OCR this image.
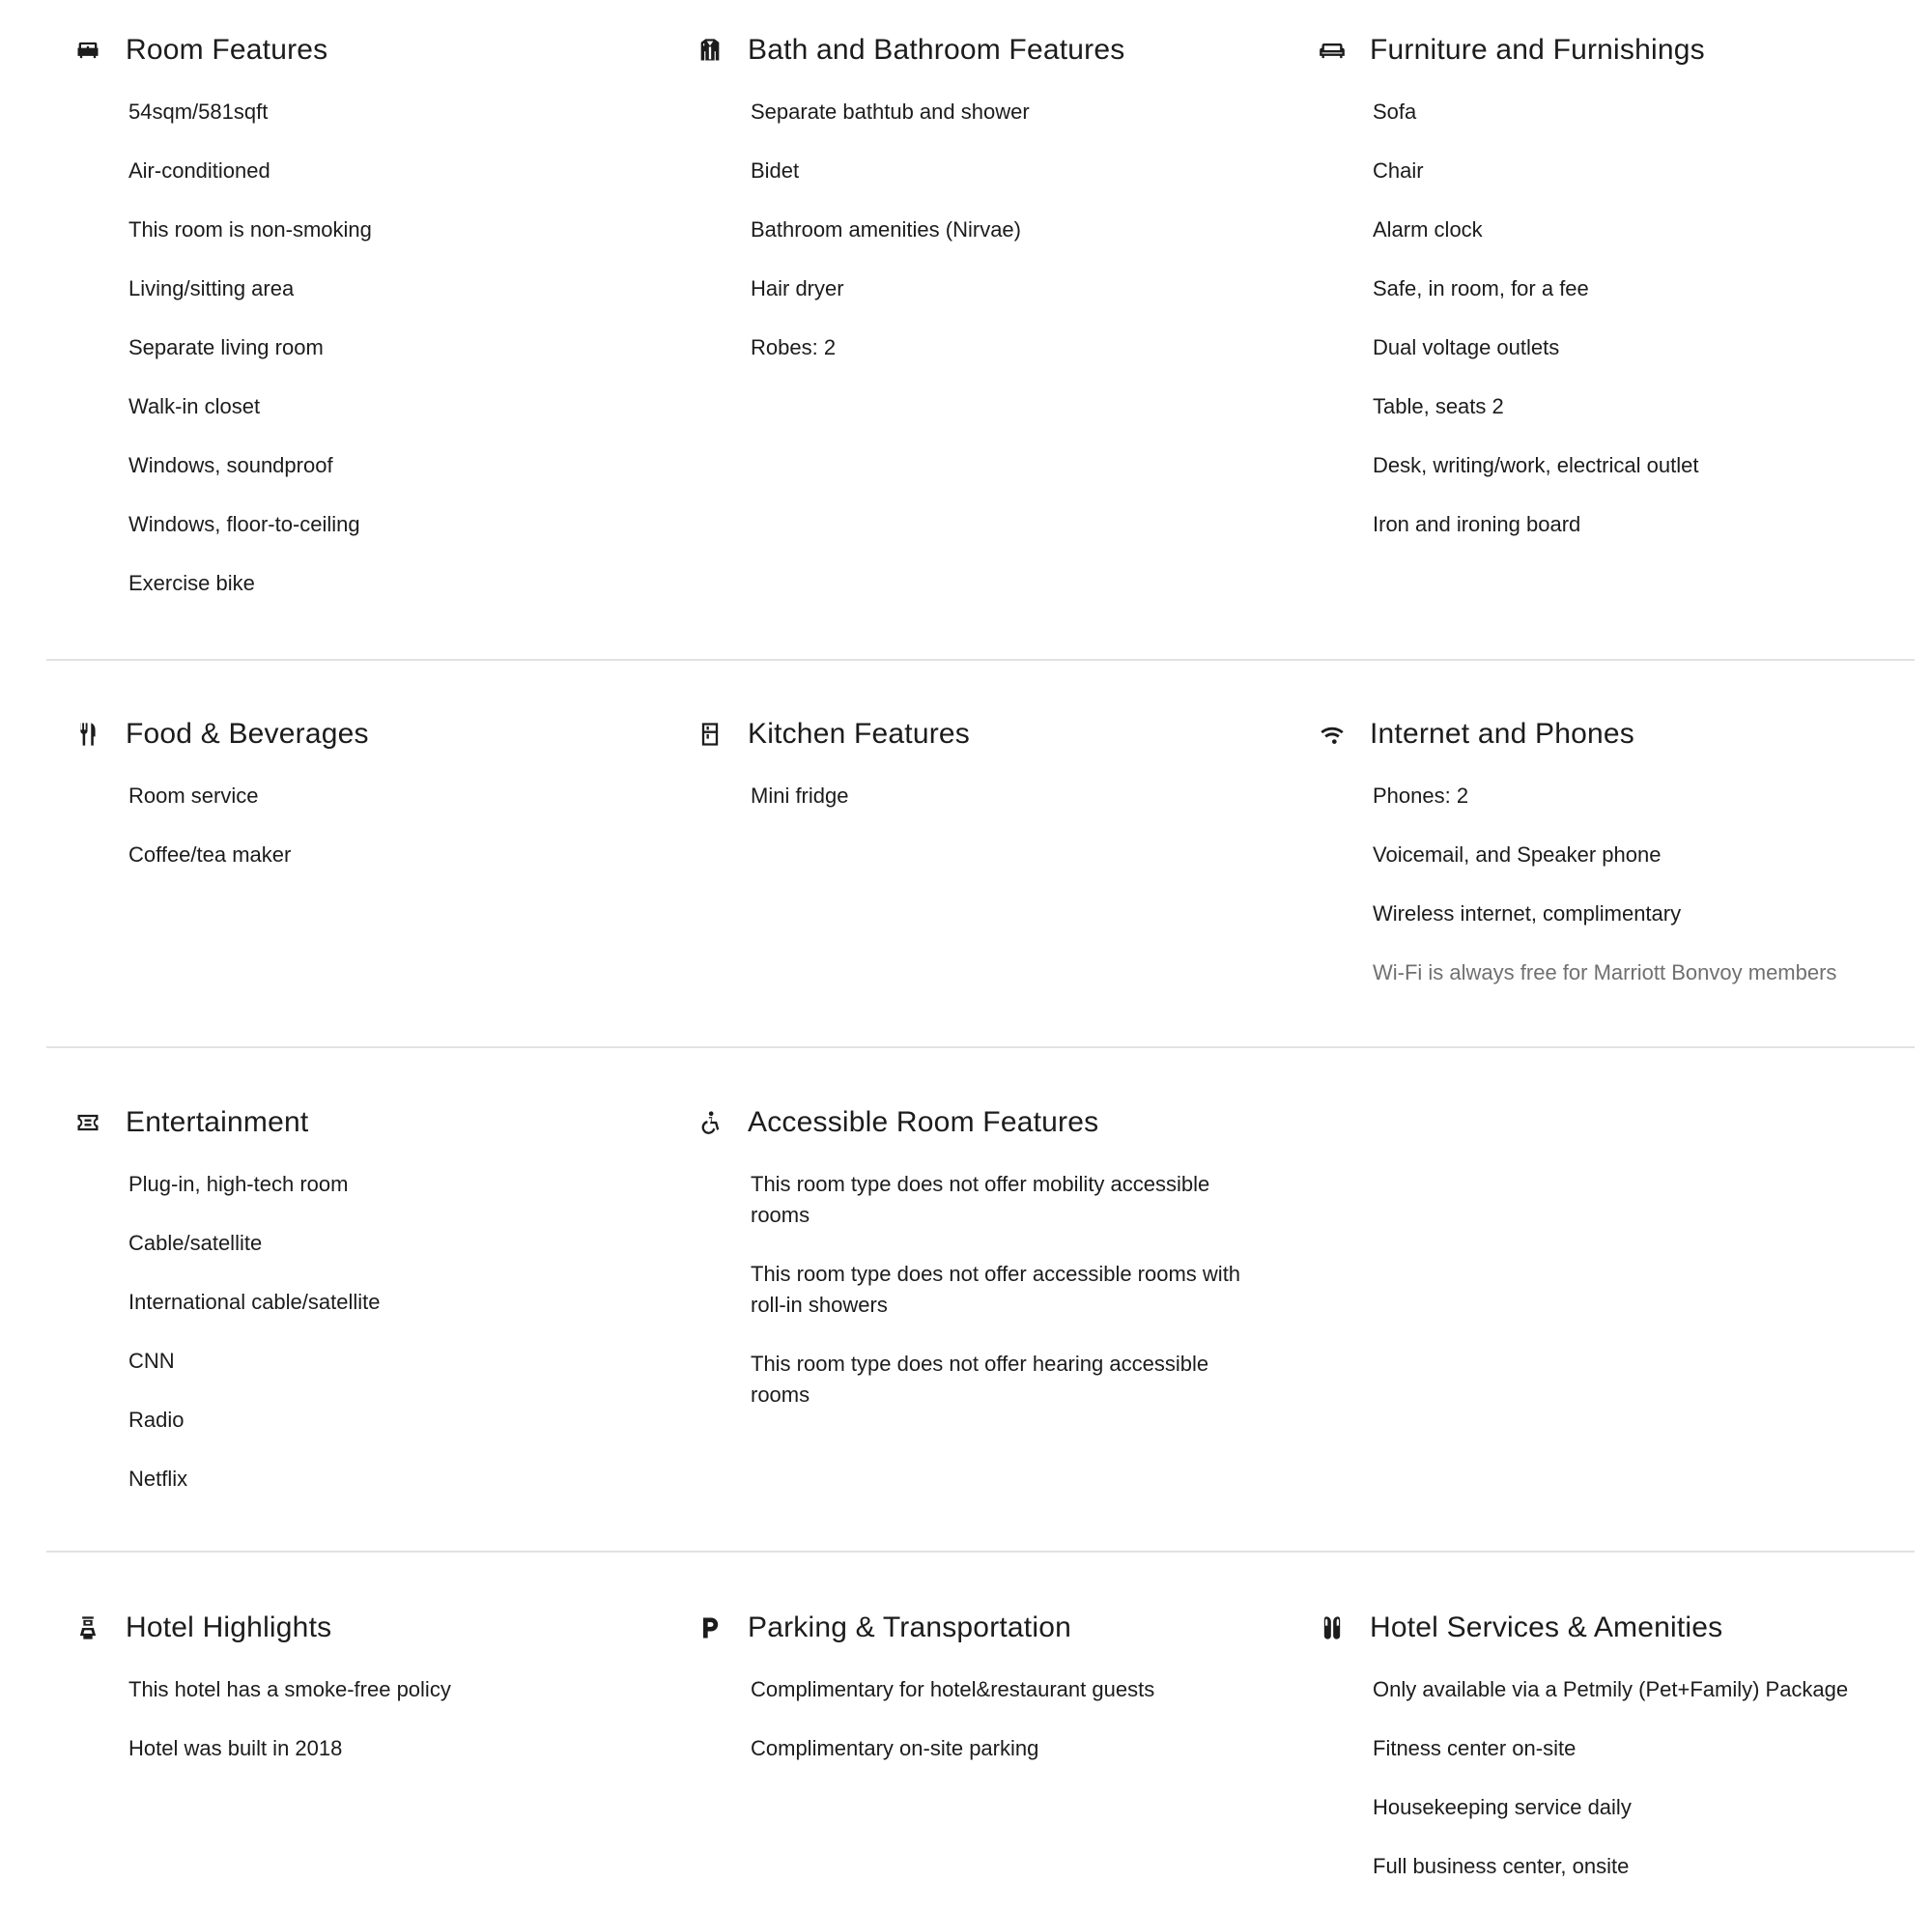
Room Features
54sqm/581sqft
Air-conditioned
This room is non-smoking
Living/sitting area
Separate living room
Walk-in closet
Windows, soundproof
Windows, floor-to-ceiling
Exercise bike
Bath and Bathroom Features
Separate bathtub and shower
Bidet
Bathroom amenities (Nirvae)
Hair dryer
Robes: 2
Furniture and Furnishings
Sofa
Chair
Alarm clock
Safe, in room, for a fee
Dual voltage outlets
Table, seats 2
Desk, writing/work, electrical outlet
Iron and ironing board
Food & Beverages
Room service
Coffee/tea maker
Kitchen Features
Mini fridge
Internet and Phones
Phones: 2
Voicemail, and Speaker phone
Wireless internet, complimentary
Wi-Fi is always free for Marriott Bonvoy members
Entertainment
Plug-in, high-tech room
Cable/satellite
International cable/satellite
CNN
Radio
Netflix
Accessible Room Features
This room type does not offer mobility accessible rooms
This room type does not offer accessible rooms with roll-in showers
This room type does not offer hearing accessible rooms
Hotel Highlights
This hotel has a smoke-free policy
Hotel was built in 2018
Parking & Transportation
Complimentary for hotel&restaurant guests
Complimentary on-site parking
Hotel Services & Amenities
Only available via a Petmily (Pet+Family) Package
Fitness center on-site
Housekeeping service daily
Full business center, onsite
